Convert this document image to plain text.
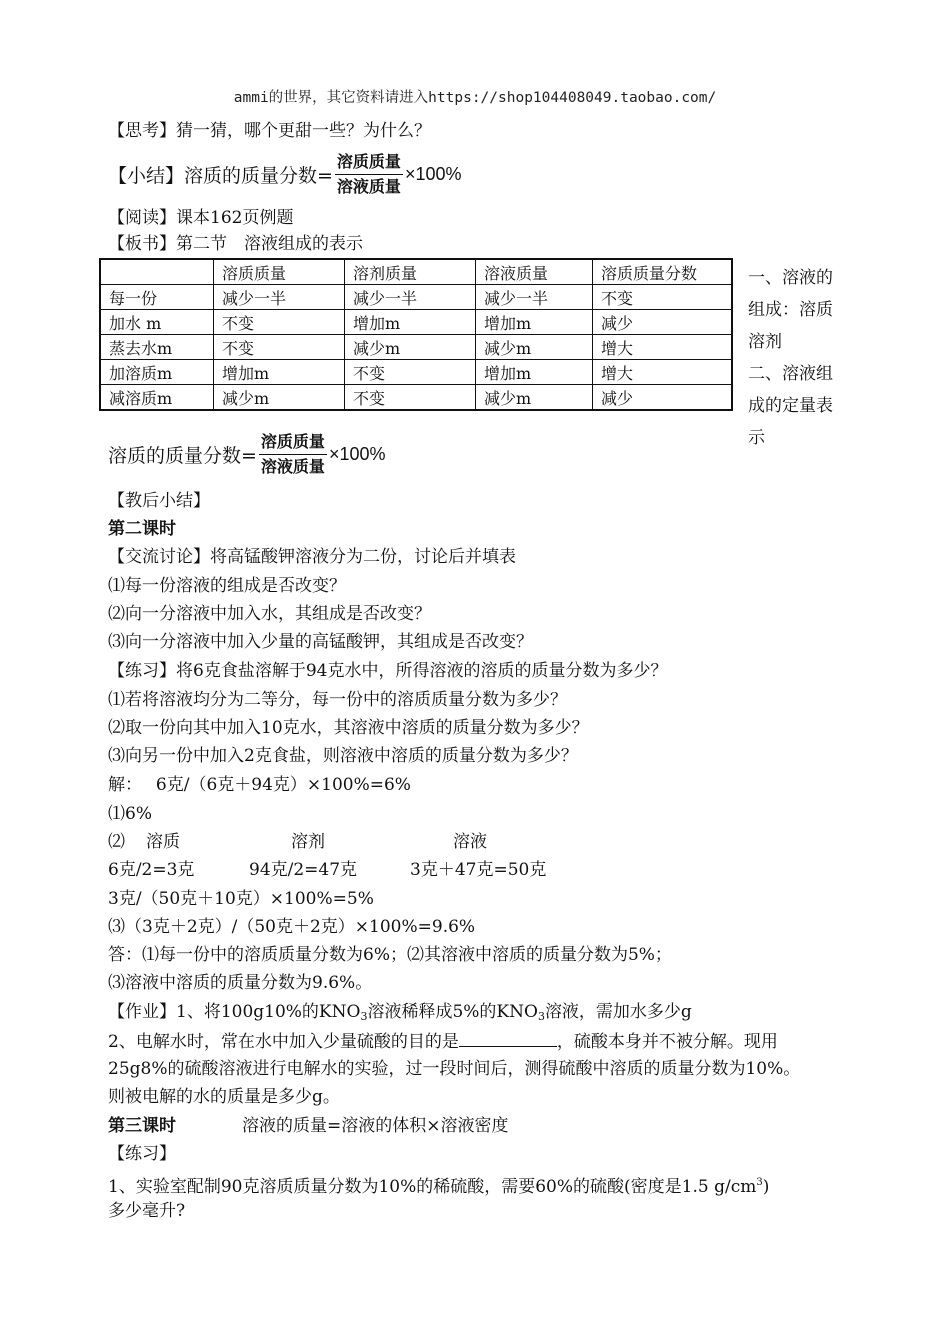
ammi的世界，其它资料请进入https://shop104408049.taobao.com/
【思考】猜一猜，哪个更甜一些？为什么？
【小结】溶质的质量分数= $\frac{\text{溶质质量}}{\text{溶液质量}} \times 100\%$
【阅读】课本162页例题
【板书】第二节　溶液组成的表示
	溶质质量	溶剂质量	溶液质量	溶质质量分数
每一份	减少一半	减少一半	减少一半	不变
加水 m	不变	增加m	增加m	减少
蒸去水m	不变	减少m	减少m	增大
加溶质m	增加m	不变	增加m	增大
减溶质m	减少m	不变	减少m	减少
一、溶液的组成：溶质溶剂
二、溶液组成的定量表示
溶质的质量分数= $\frac{\text{溶质质量}}{\text{溶液质量}} \times 100\%$
【教后小结】
第二课时
【交流讨论】将高锰酸钾溶液分为二份，讨论后并填表
⑴每一份溶液的组成是否改变？
⑵向一分溶液中加入水，其组成是否改变？
⑶向一分溶液中加入少量的高锰酸钾，其组成是否改变？
【练习】将6克食盐溶解于94克水中，所得溶液的溶质的质量分数为多少？
⑴若将溶液均分为二等分，每一份中的溶质质量分数为多少？
⑵取一份向其中加入10克水，其溶液中溶质的质量分数为多少？
⑶向另一份中加入2克食盐，则溶液中溶质的质量分数为多少？
解：　 6克/（6克＋94克）×100%=6%
⑴6%
⑵ 溶质	溶剂	溶液
6克/2=3克	94克/2=47克	3克＋47克=50克
3克/（50克＋10克）×100%=5%
⑶（3克＋2克）/（50克＋2克）×100%=9.6%
答：⑴每一份中的溶质质量分数为6%；⑵其溶液中溶质的质量分数为5%；
⑶溶液中溶质的质量分数为9.6%。
【作业】1、将100g10%的$KNO_3$溶液稀释成5%的$KNO_3$溶液，需加水多少g
2、电解水时，常在水中加入少量硫酸的目的是	，硫酸本身并不被分解。现用
25g8%的硫酸溶液进行电解水的实验，过一段时间后，测得硫酸中溶质的质量分数为10%。
则被电解的水的质量是多少g。
第三课时	溶液的质量=溶液的体积×溶液密度
【练习】
1、实验室配制90克溶质质量分数为10%的稀硫酸，需要60%的硫酸(密度是1.5 $g/cm^3$)
多少毫升?
